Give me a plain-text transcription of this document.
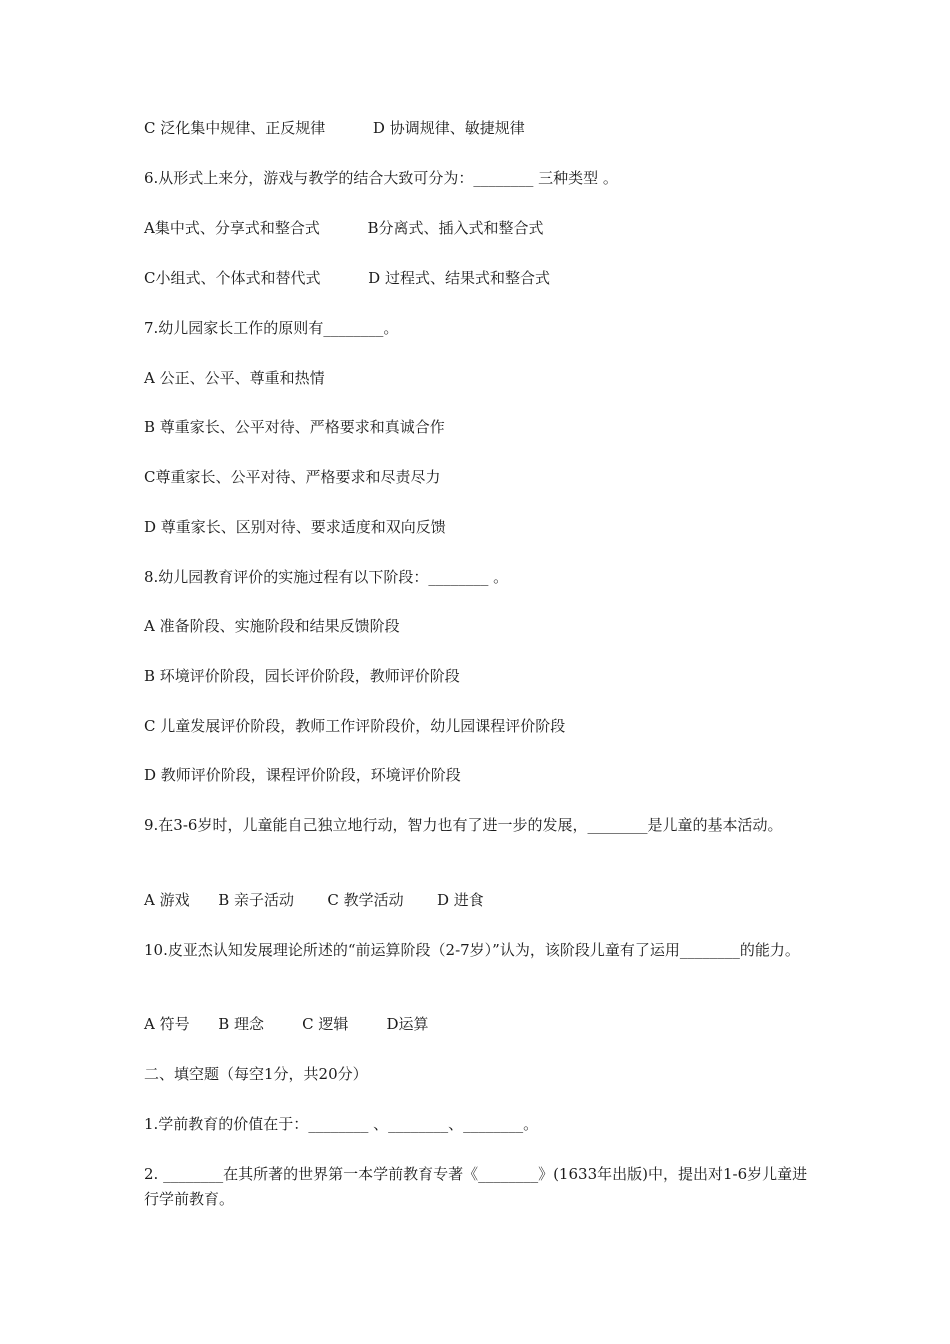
C 泛化集中规律、正反规律          D 协调规律、敏捷规律

6.从形式上来分，游戏与教学的结合大致可分为：________ 三种类型 。

A集中式、分享式和整合式          B分离式、插入式和整合式

C小组式、个体式和替代式          D 过程式、结果式和整合式

7.幼儿园家长工作的原则有________。

A 公正、公平、尊重和热情

B 尊重家长、公平对待、严格要求和真诚合作

C尊重家长、公平对待、严格要求和尽责尽力

D 尊重家长、区别对待、要求适度和双向反馈

8.幼儿园教育评价的实施过程有以下阶段：________ 。

A 准备阶段、实施阶段和结果反馈阶段

B 环境评价阶段，园长评价阶段，教师评价阶段

C 儿童发展评价阶段，教师工作评阶段价，幼儿园课程评价阶段

D 教师评价阶段，课程评价阶段，环境评价阶段

9.在3-6岁时，儿童能自己独立地行动，智力也有了进一步的发展，________是儿童的基本活动。

A 游戏      B 亲子活动       C 教学活动       D 进食

10.皮亚杰认知发展理论所述的“前运算阶段（2-7岁）”认为，该阶段儿童有了运用________的能力。

A 符号      B 理念        C 逻辑        D运算

二、填空题（每空1分，共20分）

1.学前教育的价值在于：________ 、________、________。

2. ________在其所著的世界第一本学前教育专著《________》(1633年出版)中，提出对1-6岁儿童进行学前教育。
